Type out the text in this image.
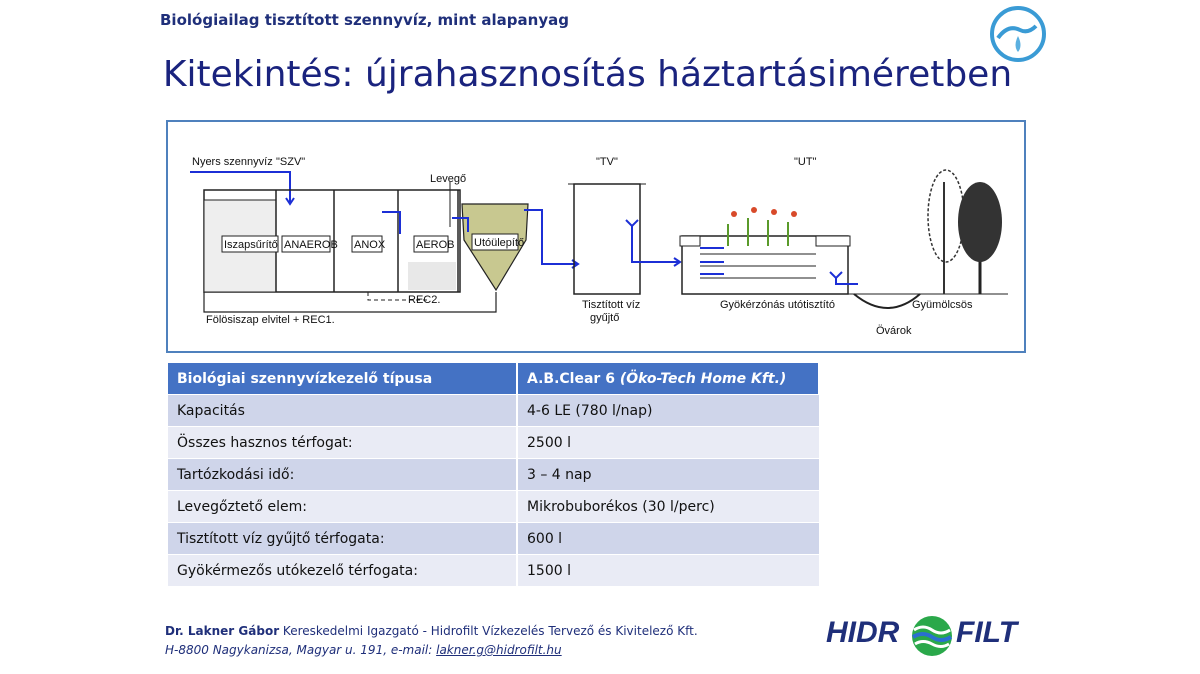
Biológiailag tisztított szennyvíz, mint alapanyag
Kitekintés: újrahasznosítás háztartásiméretben
Nyers szennyvíz "SZV"
Iszapsűrítő ANAEROB ANOX	AEROB
Levegő
Utóülepítő
REC2.
Fölösiszap elvitel + REC1.
"TV"
Tisztított víz
gyűjtő
"UT"
Gyökérzónás utótisztító
Övárok
Gyümölcsös
Biológiai szennyvízkezelő típusa	A.B.Clear 6 (Öko-Tech Home Kft.)
Kapacitás	4-6 LE (780 l/nap)
Összes hasznos térfogat:	2500 l
Tartózkodási idő:	3 – 4 nap
Levegőztető elem:	Mikrobuborékos (30 l/perc)
Tisztított víz gyűjtő térfogata:	600 l
Gyökérmezős utókezelő térfogata:	1500 l
Dr. Lakner Gábor Kereskedelmi Igazgató - Hidrofilt Vízkezelés Tervező és Kivitelező Kft.
H-8800 Nagykanizsa, Magyar u. 191, e-mail: lakner.g@hidrofilt.hu
HIDR FILT
